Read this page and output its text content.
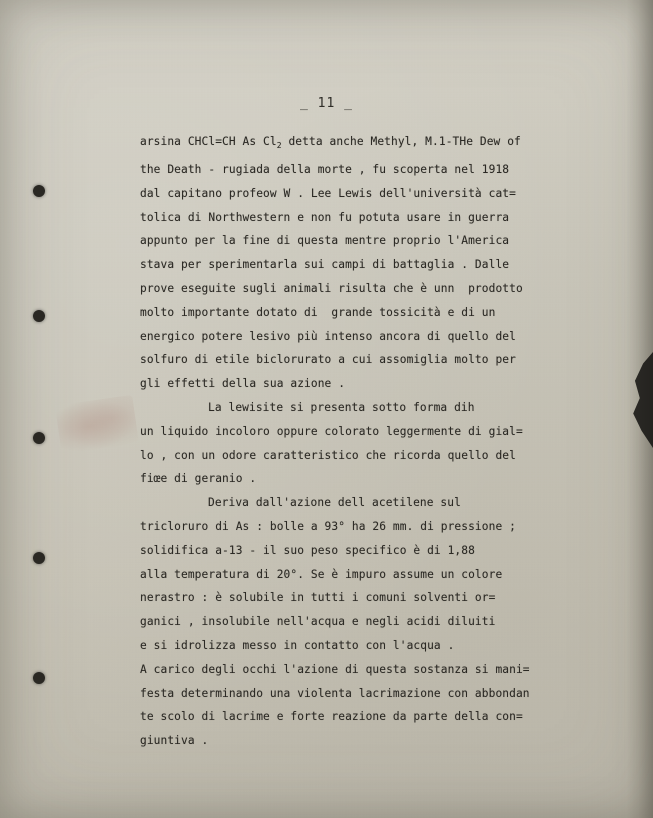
_ 11 _
arsina CHCl=CH As $Cl_2$ detta anche Methyl, M.1-THe Dew of
the Death - rugiada della morte , fu scoperta nel 1918
dal capitano profeow W . Lee Lewis dell'università cat=
tolica di Northwestern e non fu potuta usare in guerra
appunto per la fine di questa mentre proprio l'America
stava per sperimentarla sui campi di battaglia . Dalle
prove eseguite sugli animali risulta che è unn  prodotto
molto importante dotato di  grande tossicità e di un
energico potere lesivo più intenso ancora di quello del
solfuro di etile biclorurato a cui assomiglia molto per
gli effetti della sua azione .
La lewisite si presenta sotto forma dih
un liquido incoloro oppure colorato leggermente di gial=
lo , con un odore caratteristico che ricorda quello del
fiœe di geranio .
Deriva dall'azione dell acetilene sul
tricloruro di As : bolle a 93° ha 26 mm. di pressione ;
solidifica a-13 - il suo peso specifico è di 1,88
alla temperatura di 20°. Se è impuro assume un colore
nerastro : è solubile in tutti i comuni solventi or=
ganici , insolubile nell'acqua e negli acidi diluiti
e si idrolizza messo in contatto con l'acqua .
A carico degli occhi l'azione di questa sostanza si mani=
festa determinando una violenta lacrimazione con abbondan
te scolo di lacrime e forte reazione da parte della con=
giuntiva .
